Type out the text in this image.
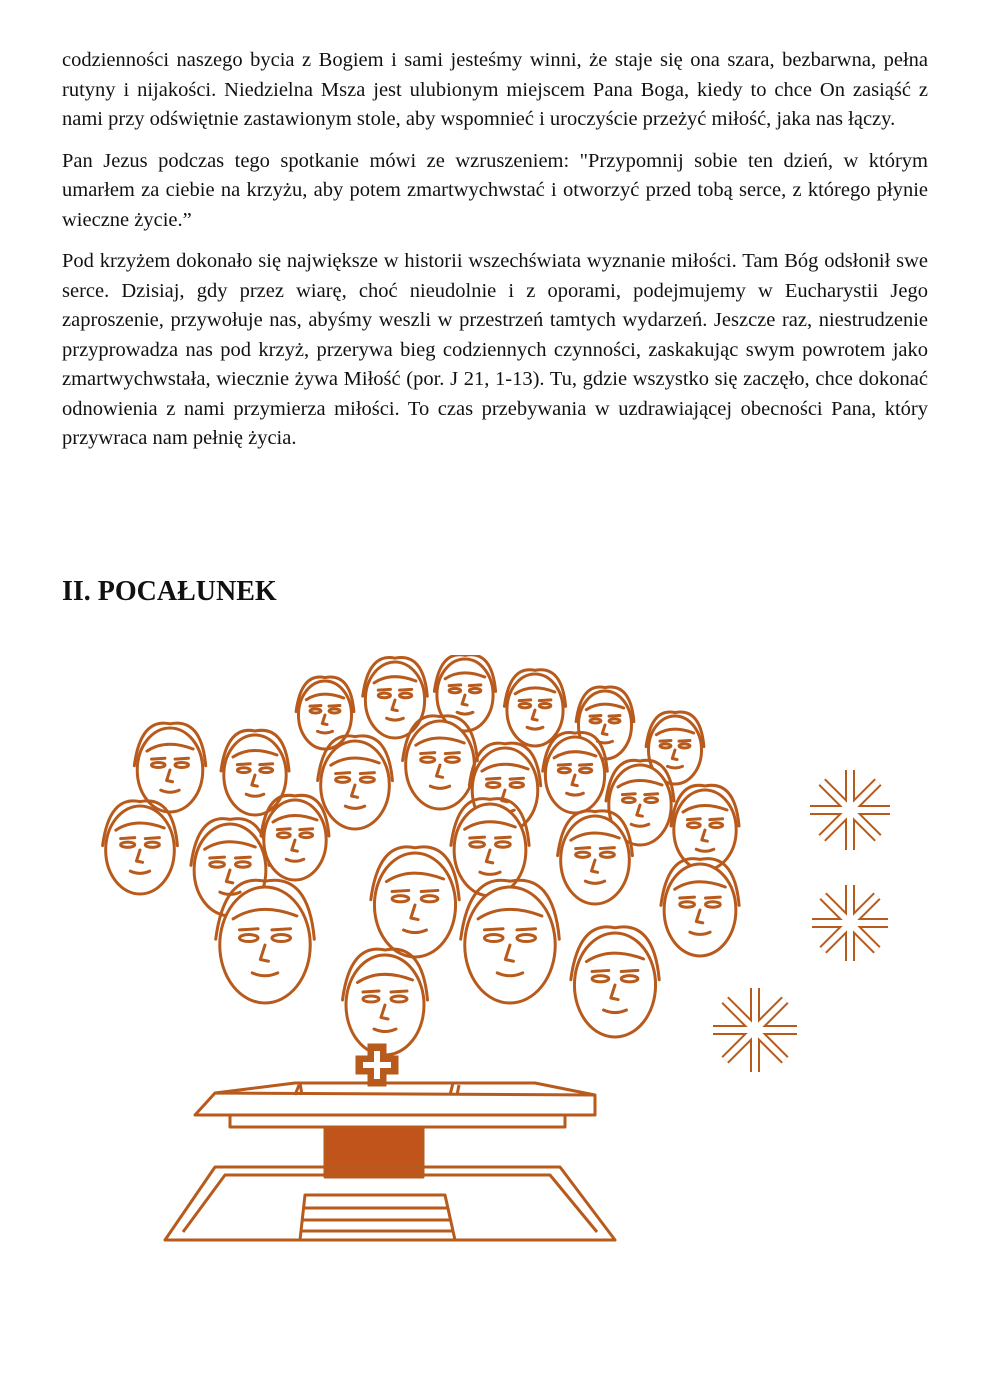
codzienności naszego bycia z Bogiem i sami jesteśmy winni, że staje się ona szara, bezbarwna, pełna rutyny i nijakości. Niedzielna Msza jest ulubionym miejscem Pana Boga, kiedy to chce On zasiąść z nami przy odświętnie zastawionym stole, aby wspomnieć i uroczyście przeżyć miłość, jaka nas łączy.

Pan Jezus podczas tego spotkanie mówi ze wzruszeniem: "Przypomnij sobie ten dzień, w którym umarłem za ciebie na krzyżu, aby potem zmartwychwstać i otworzyć przed tobą serce, z którego płynie wieczne życie.”

Pod krzyżem dokonało się największe w historii wszechświata wyznanie miłości. Tam Bóg odsłonił swe serce. Dzisiaj, gdy przez wiarę, choć nieudolnie i z oporami, podejmujemy w Eucharystii Jego zaproszenie, przywołuje nas, abyśmy weszli w przestrzeń tamtych wydarzeń. Jeszcze raz, niestrudzenie przyprowadza nas pod krzyż, przerywa bieg codziennych czynności, zaskakując swym powrotem jako zmartwychwstała, wiecznie żywa Miłość (por. J 21, 1-13). Tu, gdzie wszystko się zaczęło, chce dokonać odnowienia z nami przymierza miłości. To czas przebywania w uzdrawiającej obecności Pana, który przywraca nam pełnię życia.

II. POCAŁUNEK
